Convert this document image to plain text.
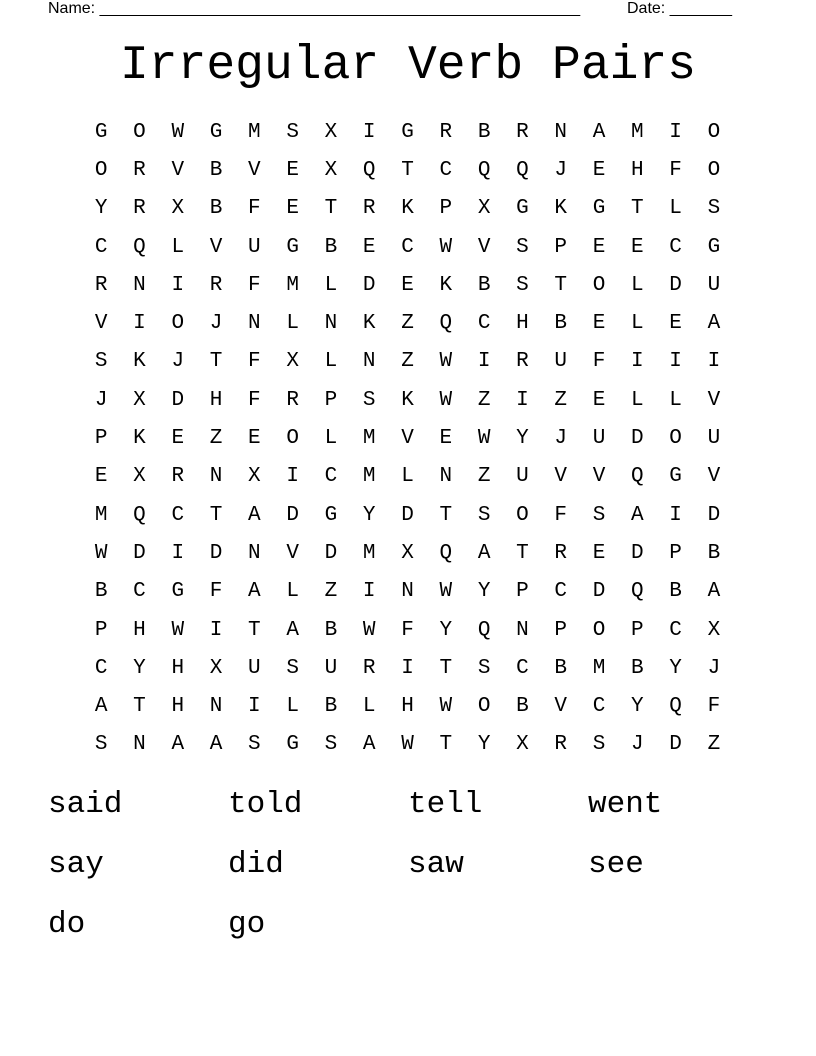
Name: ______________________________________________________	Date: _______
Irregular Verb Pairs
G	O	W	G	M	S	X	I	G	R	B	R	N	A	M	I	O
O	R	V	B	V	E	X	Q	T	C	Q	Q	J	E	H	F	O
Y	R	X	B	F	E	T	R	K	P	X	G	K	G	T	L	S
C	Q	L	V	U	G	B	E	C	W	V	S	P	E	E	C	G
R	N	I	R	F	M	L	D	E	K	B	S	T	O	L	D	U
V	I	O	J	N	L	N	K	Z	Q	C	H	B	E	L	E	A
S	K	J	T	F	X	L	N	Z	W	I	R	U	F	I	I	I
J	X	D	H	F	R	P	S	K	W	Z	I	Z	E	L	L	V
P	K	E	Z	E	O	L	M	V	E	W	Y	J	U	D	O	U
E	X	R	N	X	I	C	M	L	N	Z	U	V	V	Q	G	V
M	Q	C	T	A	D	G	Y	D	T	S	O	F	S	A	I	D
W	D	I	D	N	V	D	M	X	Q	A	T	R	E	D	P	B
B	C	G	F	A	L	Z	I	N	W	Y	P	C	D	Q	B	A
P	H	W	I	T	A	B	W	F	Y	Q	N	P	O	P	C	X
C	Y	H	X	U	S	U	R	I	T	S	C	B	M	B	Y	J
A	T	H	N	I	L	B	L	H	W	O	B	V	C	Y	Q	F
S	N	A	A	S	G	S	A	W	T	Y	X	R	S	J	D	Z
said	told	tell	went
say	did	saw	see
do	go
